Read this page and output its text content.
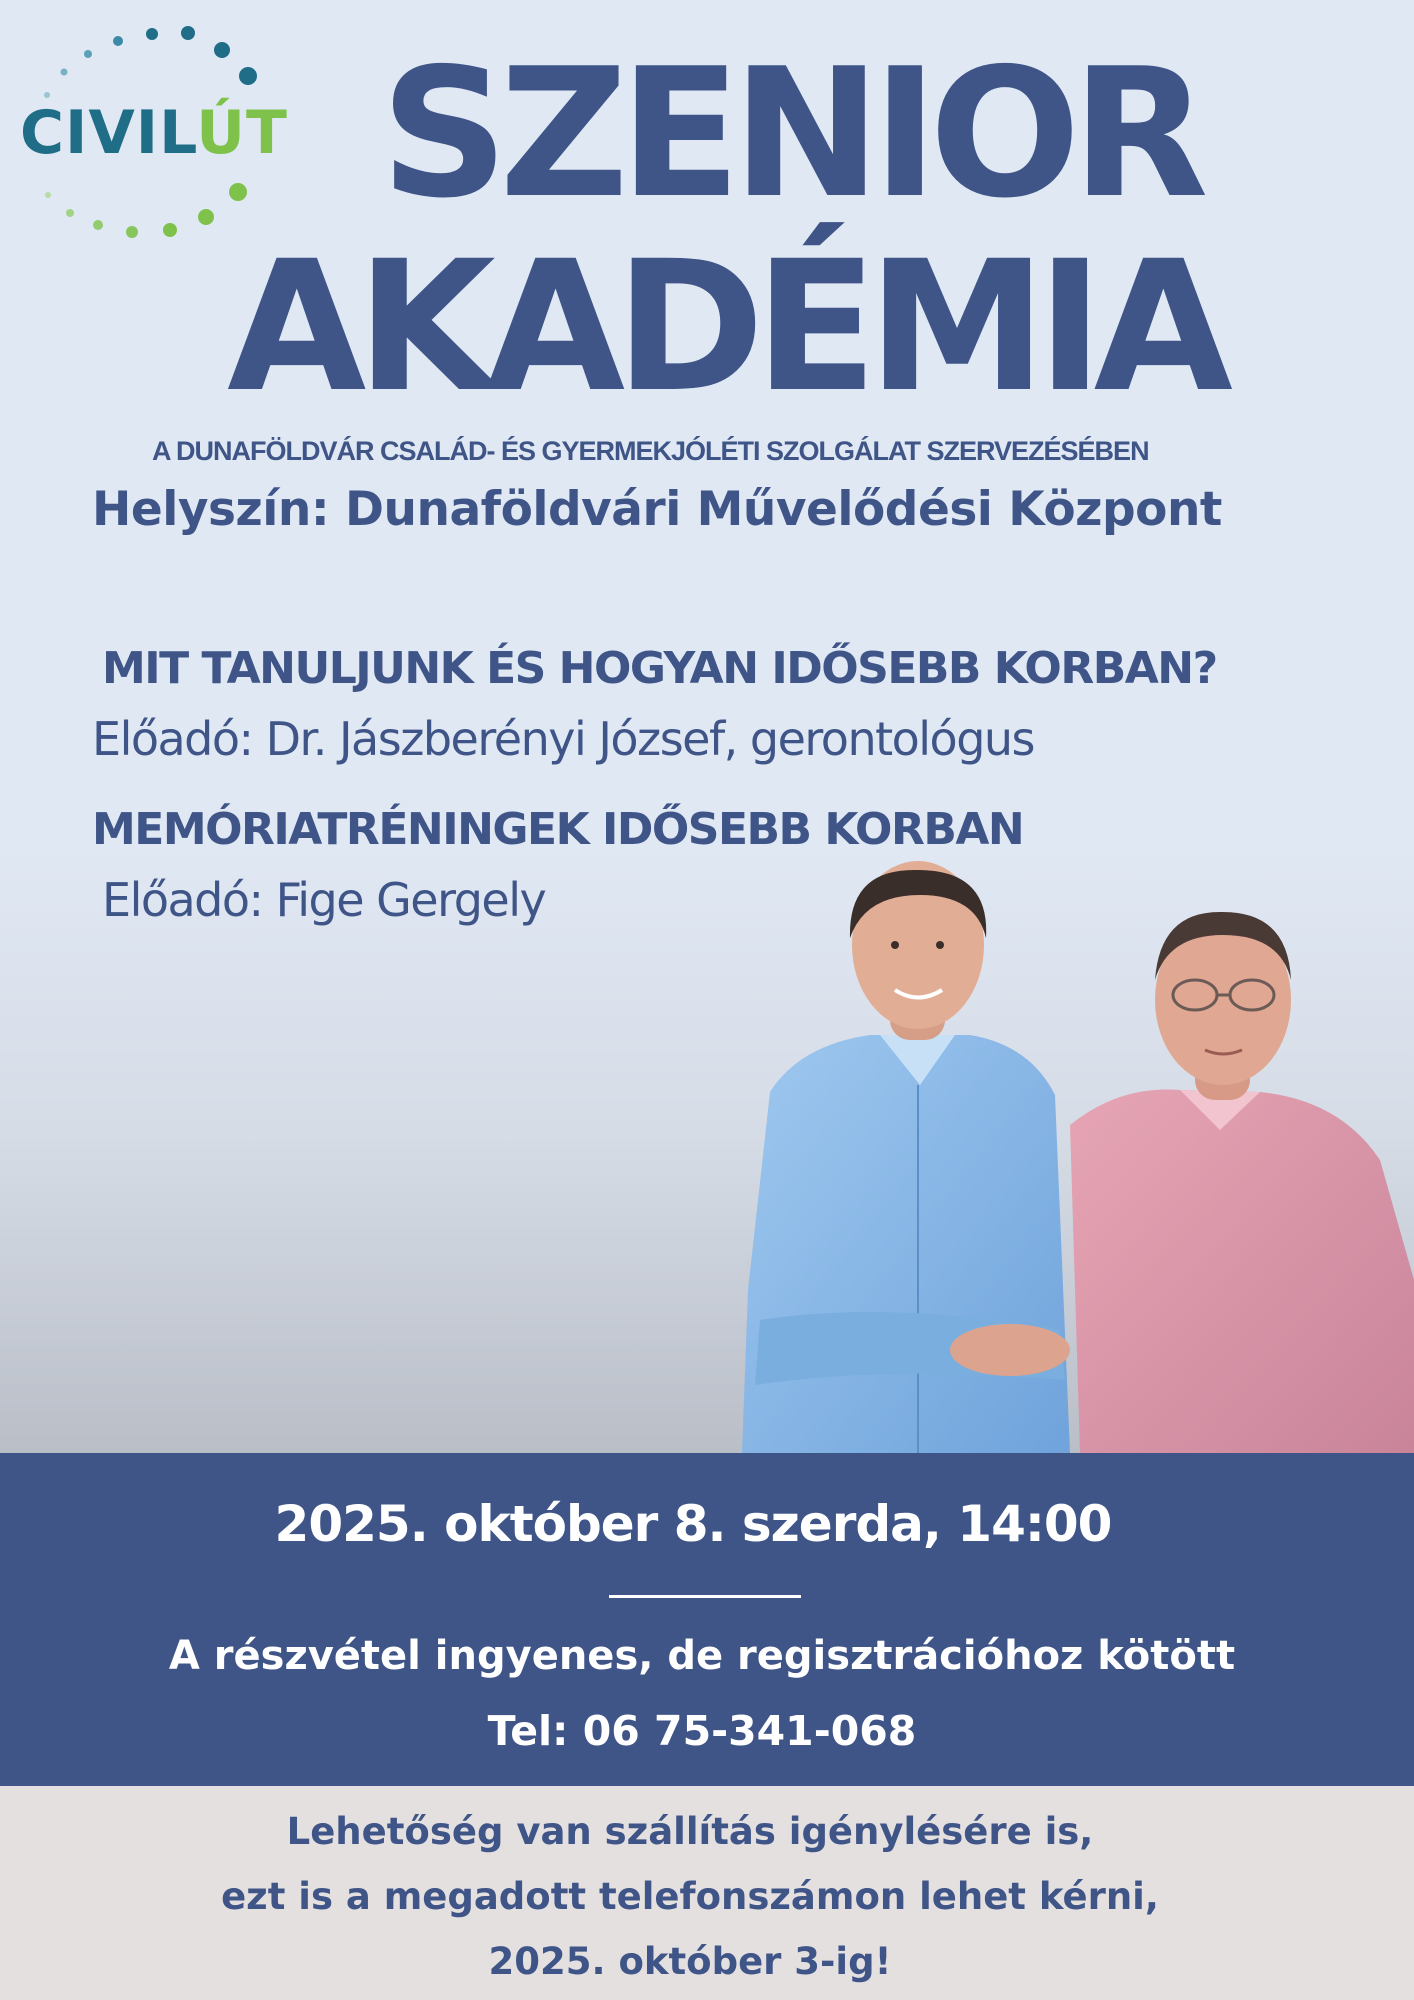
CIVILÚT SZENIOR
AKADÉMIA
A DUNAFÖLDVÁR CSALÁD- ÉS GYERMEKJÓLÉTI SZOLGÁLAT SZERVEZÉSÉBEN
Helyszín: Dunaföldvári Művelődési Központ
MIT TANULJUNK ÉS HOGYAN IDŐSEBB KORBAN?
Előadó: Dr. Jászberényi József, gerontológus
MEMÓRIATRÉNINGEK IDŐSEBB KORBAN
Előadó: Fige Gergely
2025. október 8. szerda, 14:00
A részvétel ingyenes, de regisztrációhoz kötött
Tel: 06 75-341-068
Lehetőség van szállítás igénylésére is,
ezt is a megadott telefonszámon lehet kérni,
2025. október 3-ig!
